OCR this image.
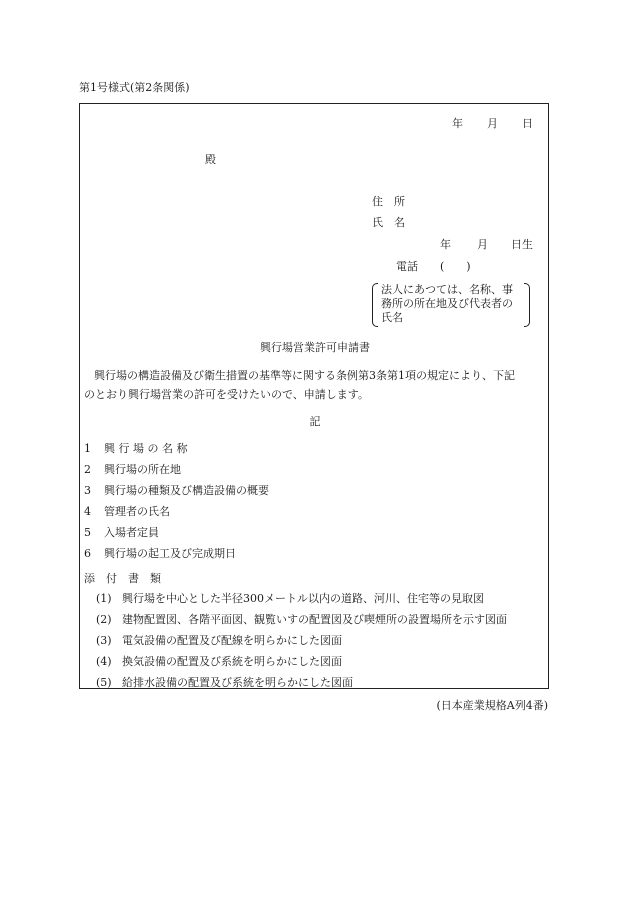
第1号様式(第2条関係)
年 月 日
殿
住　所
氏　名
年 月 日生
電話 (　　)
法人にあつては、名称、事務所の所在地及び代表者の氏名
興行場営業許可申請書
興行場の構造設備及び衛生措置の基準等に関する条例第3条第1項の規定により、下記
のとおり興行場営業の許可を受けたいので、申請します。
記
1 興 行 場 の 名 称
2 興行場の所在地
3 興行場の種類及び構造設備の概要
4 管理者の氏名
5 入場者定員
6 興行場の起工及び完成期日
添　付　書　類
(1) 興行場を中心とした半径300メートル以内の道路、河川、住宅等の見取図
(2) 建物配置図、各階平面図、観覧いすの配置図及び喫煙所の設置場所を示す図面
(3) 電気設備の配置及び配線を明らかにした図面
(4) 換気設備の配置及び系統を明らかにした図面
(5) 給排水設備の配置及び系統を明らかにした図面
(日本産業規格A列4番)
